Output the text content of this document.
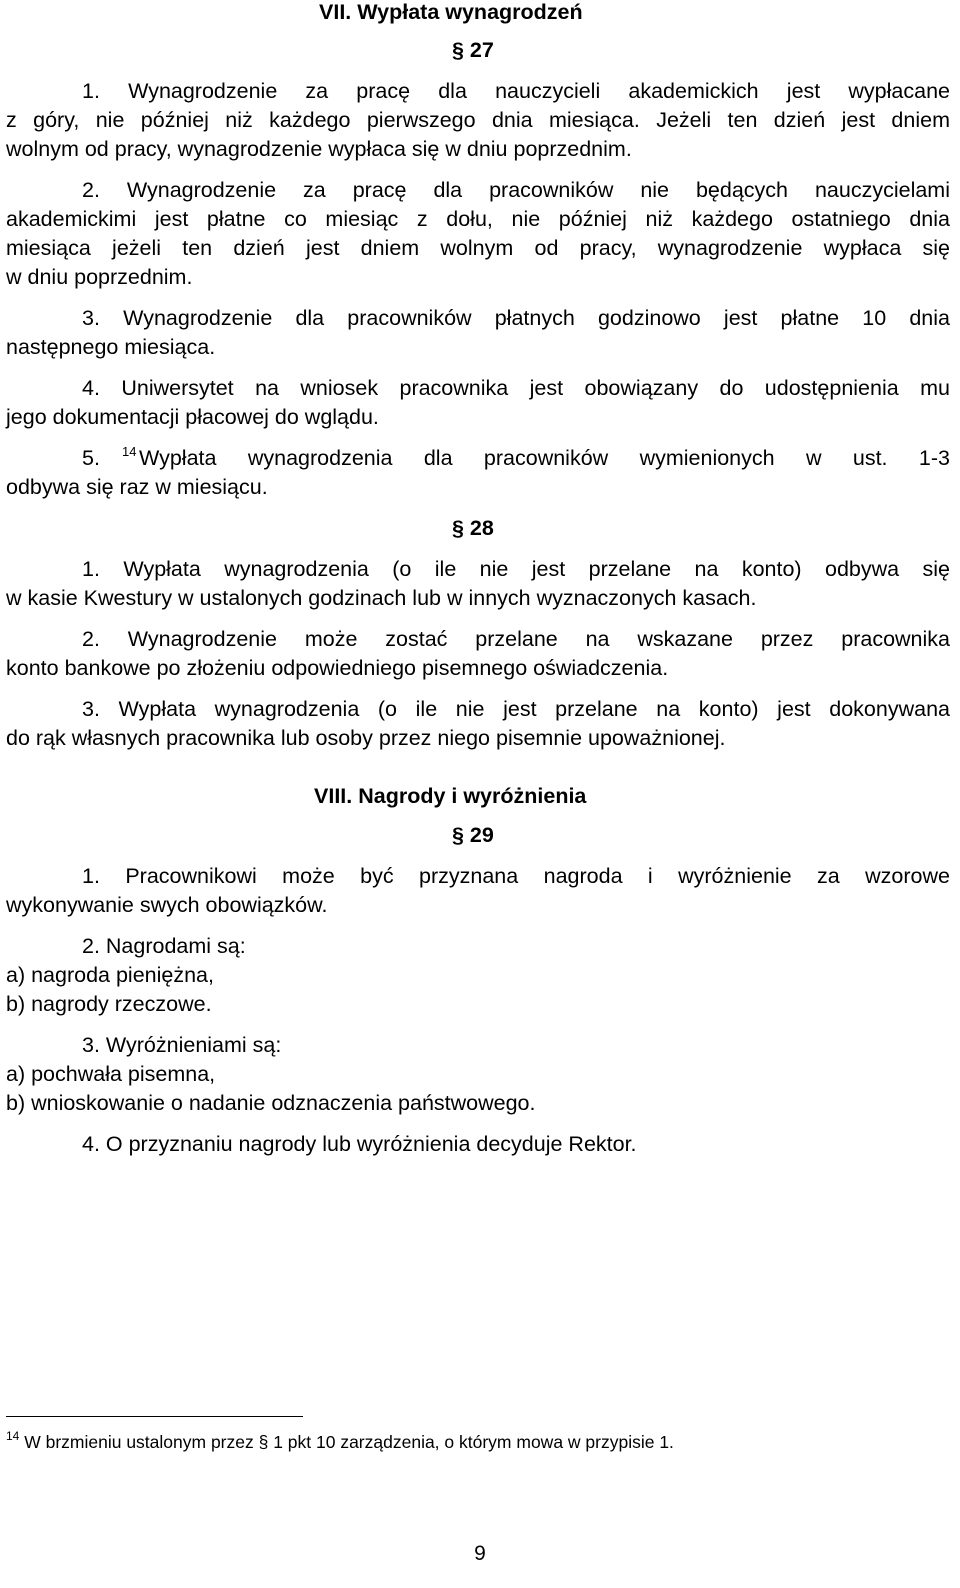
VII. Wypłata wynagrodzeń
§ 27
1. Wynagrodzenie za pracę dla nauczycieli akademickich jest wypłacane
z góry, nie później niż każdego pierwszego dnia miesiąca. Jeżeli ten dzień jest dniem
wolnym od pracy, wynagrodzenie wypłaca się w dniu poprzednim.
2. Wynagrodzenie za pracę dla pracowników nie będących nauczycielami
akademickimi jest płatne co miesiąc z dołu, nie później niż każdego ostatniego dnia
miesiąca jeżeli ten dzień jest dniem wolnym od pracy, wynagrodzenie wypłaca się
w dniu poprzednim.
3. Wynagrodzenie dla pracowników płatnych godzinowo jest płatne 10 dnia
następnego miesiąca.
4. Uniwersytet na wniosek pracownika jest obowiązany do udostępnienia mu
jego dokumentacji płacowej do wglądu.
5.	$^{14}$ Wypłata wynagrodzenia dla pracowników wymienionych w ust. 1-3
odbywa się raz w miesiącu.
§ 28
1. Wypłata wynagrodzenia (o ile nie jest przelane na konto) odbywa się
w kasie Kwestury w ustalonych godzinach lub w innych wyznaczonych kasach.
2. Wynagrodzenie może zostać przelane na wskazane przez pracownika
konto bankowe po złożeniu odpowiedniego pisemnego oświadczenia.
3. Wypłata wynagrodzenia (o ile nie jest przelane na konto) jest dokonywana
do rąk własnych pracownika lub osoby przez niego pisemnie upoważnionej.
VIII. Nagrody i wyróżnienia
§ 29
1. Pracownikowi może być przyznana nagroda i wyróżnienie za wzorowe
wykonywanie swych obowiązków.
2. Nagrodami są:
a) nagroda pieniężna,
b) nagrody rzeczowe.
3. Wyróżnieniami są:
a) pochwała pisemna,
b) wnioskowanie o nadanie odznaczenia państwowego.
4. O przyznaniu nagrody lub wyróżnienia decyduje Rektor.
$^{14}$ W brzmieniu ustalonym przez § 1 pkt 10 zarządzenia, o którym mowa w przypisie 1.
9
